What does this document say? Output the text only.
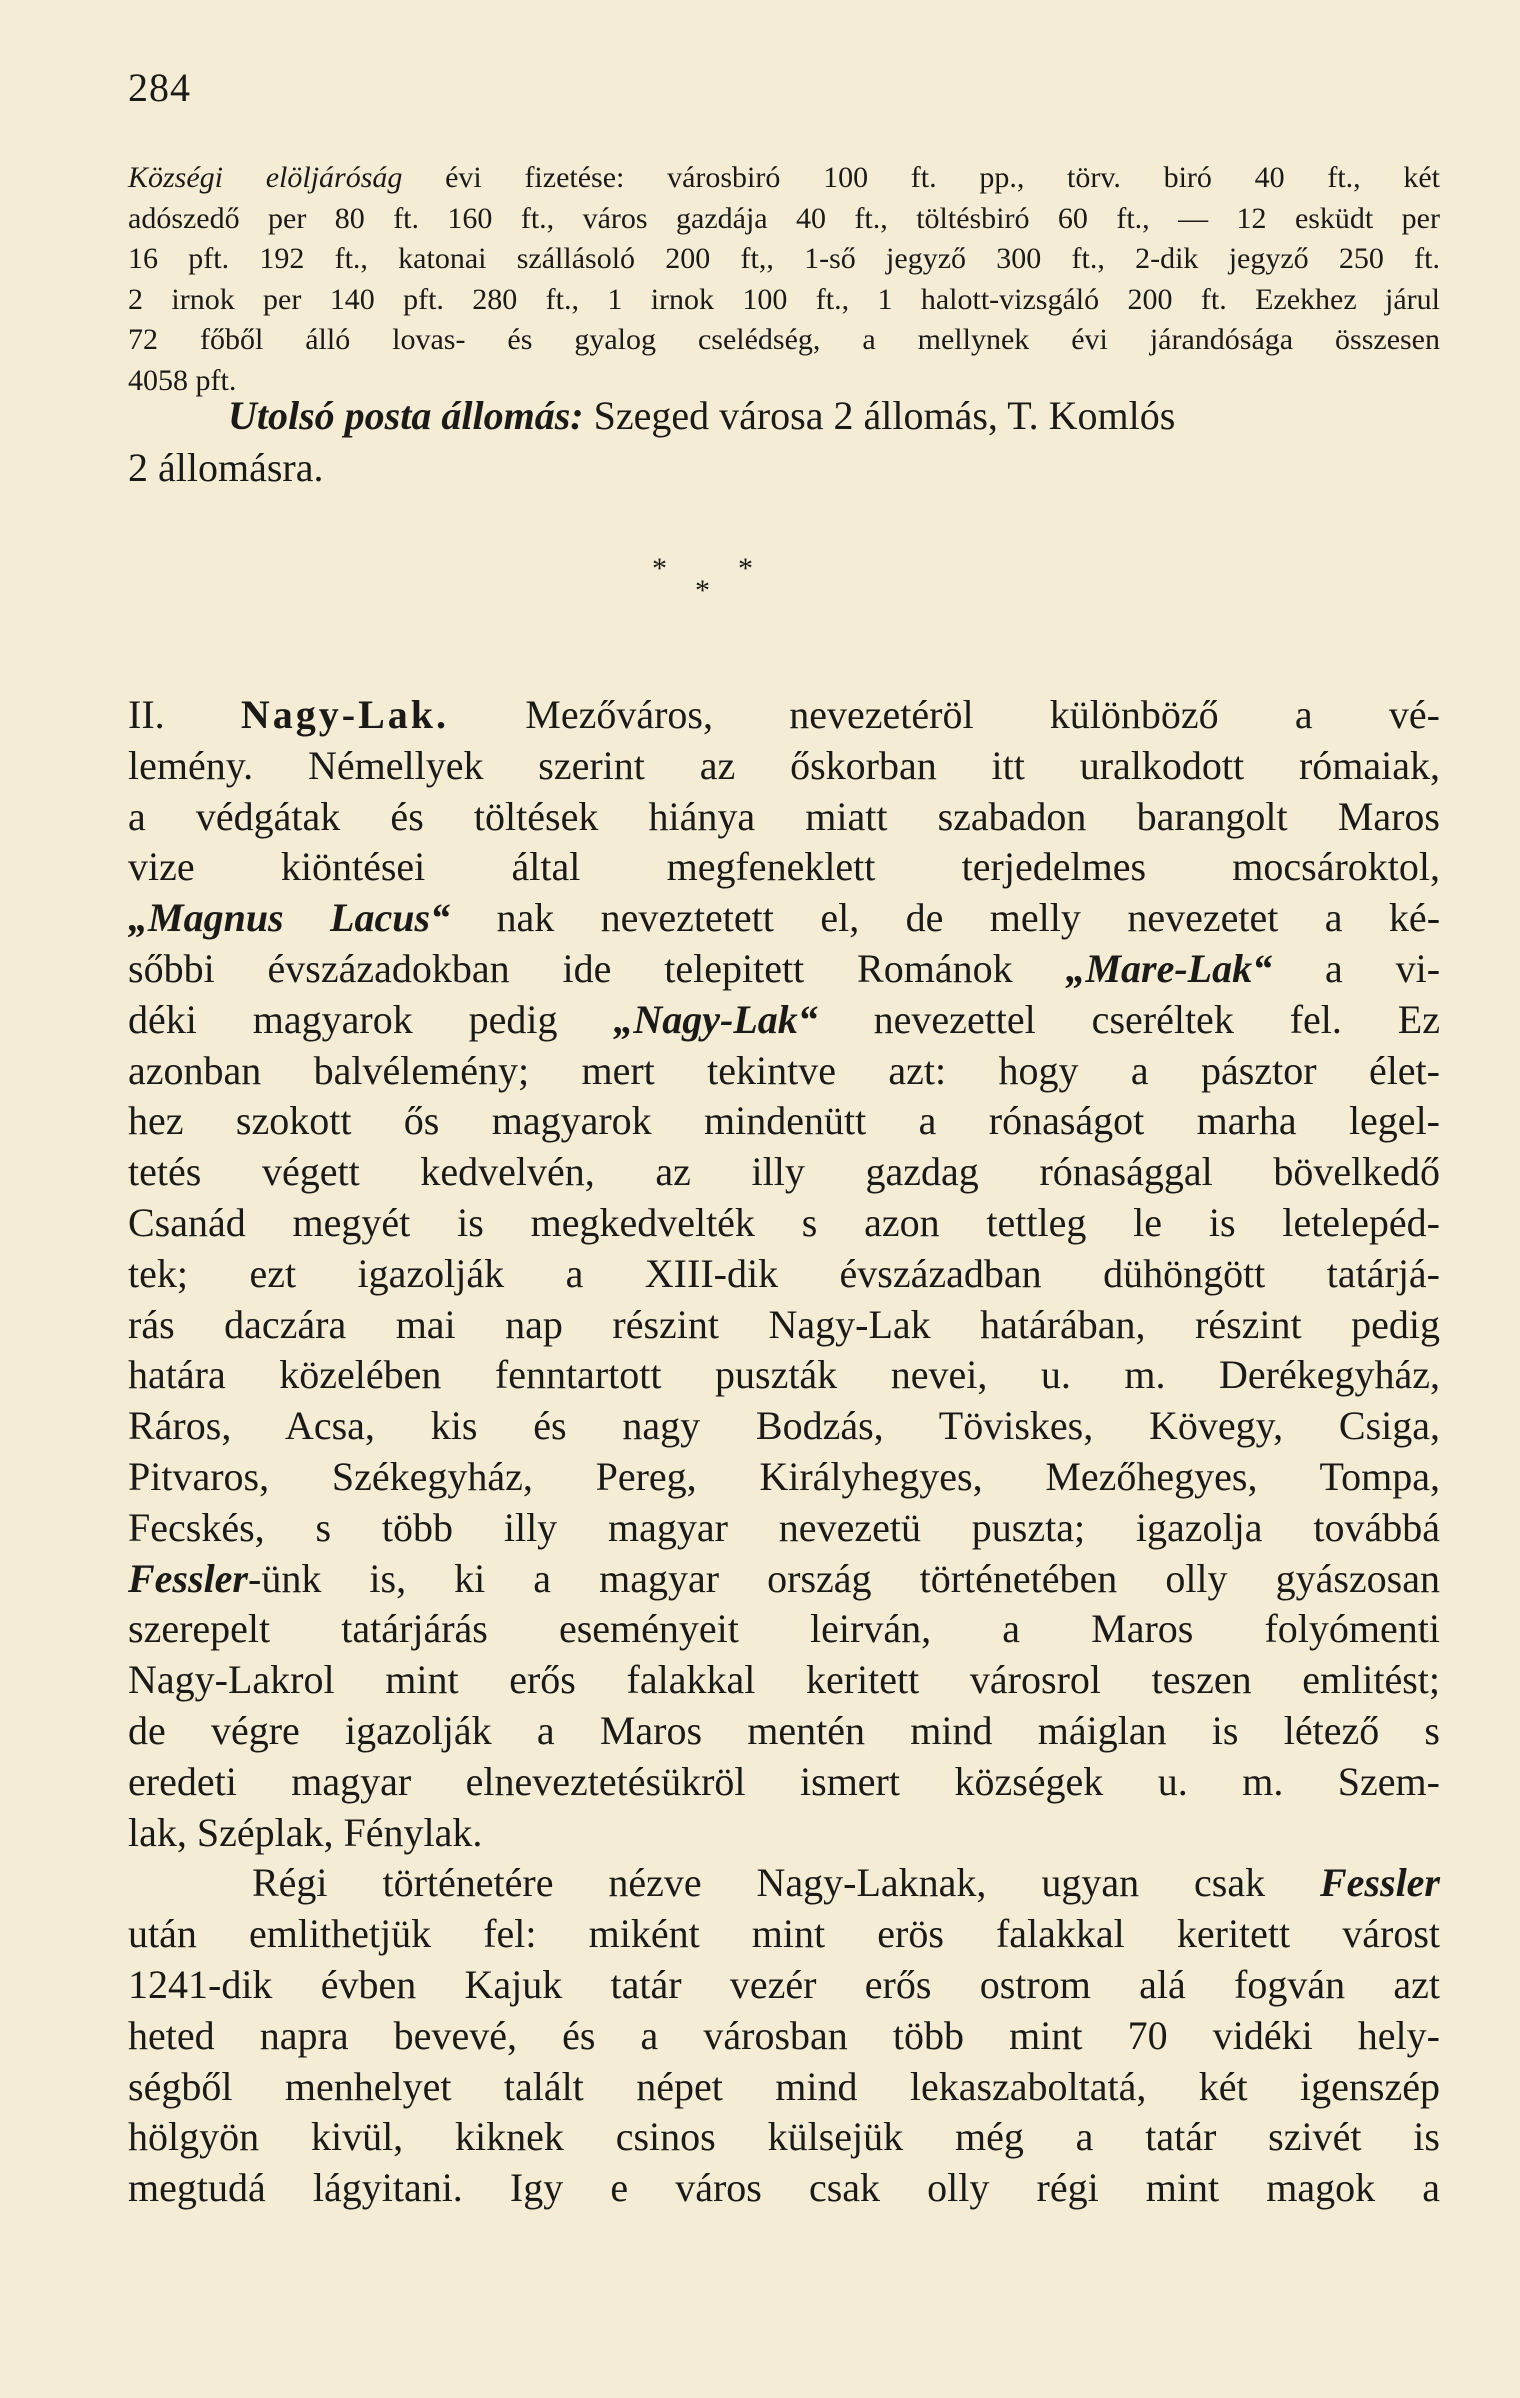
284
Községi elöljáróság évi fizetése: városbiró 100 ft. pp., törv. biró 40 ft., két
adószedő per 80 ft. 160 ft., város gazdája 40 ft., töltésbiró 60 ft., — 12 esküdt per
16 pft. 192 ft., katonai szállásoló 200 ft,, 1-ső jegyző 300 ft., 2-dik jegyző 250 ft.
2 irnok per 140 pft. 280 ft., 1 irnok 100 ft., 1 halott-vizsgáló 200 ft. Ezekhez járul
72 főből álló lovas- és gyalog cselédség, a mellynek évi járandósága összesen
4058 pft.
Utolsó posta állomás: Szeged városa 2 állomás, T. Komlós
2 állomásra.
* *
*
II. Nagy-Lak. Mezőváros, nevezetéröl különböző a vé-
lemény. Némellyek szerint az őskorban itt uralkodott rómaiak,
a védgátak és töltések hiánya miatt szabadon barangolt Maros
vize kiöntései által megfeneklett terjedelmes mocsároktol,
„Magnus Lacus“ nak neveztetett el, de melly nevezetet a ké-
sőbbi évszázadokban ide telepitett Románok „Mare-Lak“ a vi-
déki magyarok pedig „Nagy-Lak“ nevezettel cseréltek fel. Ez
azonban balvélemény; mert tekintve azt: hogy a pásztor élet-
hez szokott ős magyarok mindenütt a rónaságot marha legel-
tetés végett kedvelvén, az illy gazdag rónasággal bövelkedő
Csanád megyét is megkedvelték s azon tettleg le is letelepéd-
tek; ezt igazolják a XIII-dik évszázadban dühöngött tatárjá-
rás daczára mai nap részint Nagy-Lak határában, részint pedig
határa közelében fenntartott puszták nevei, u. m. Derékegyház,
Ráros, Acsa, kis és nagy Bodzás, Töviskes, Kövegy, Csiga,
Pitvaros, Székegyház, Pereg, Királyhegyes, Mezőhegyes, Tompa,
Fecskés, s több illy magyar nevezetü puszta; igazolja továbbá
Fessler-ünk is, ki a magyar ország történetében olly gyászosan
szerepelt tatárjárás eseményeit leirván, a Maros folyómenti
Nagy-Lakrol mint erős falakkal keritett városrol teszen emlitést;
de végre igazolják a Maros mentén mind máiglan is létező s
eredeti magyar elneveztetésükröl ismert községek u. m. Szem-
lak, Széplak, Fénylak.
Régi történetére nézve Nagy-Laknak, ugyan csak Fessler
után emlithetjük fel: miként mint erös falakkal keritett várost
1241-dik évben Kajuk tatár vezér erős ostrom alá fogván azt
heted napra bevevé, és a városban több mint 70 vidéki hely-
ségből menhelyet talált népet mind lekaszaboltatá, két igenszép
hölgyön kivül, kiknek csinos külsejük még a tatár szivét is
megtudá lágyitani. Igy e város csak olly régi mint magok a
